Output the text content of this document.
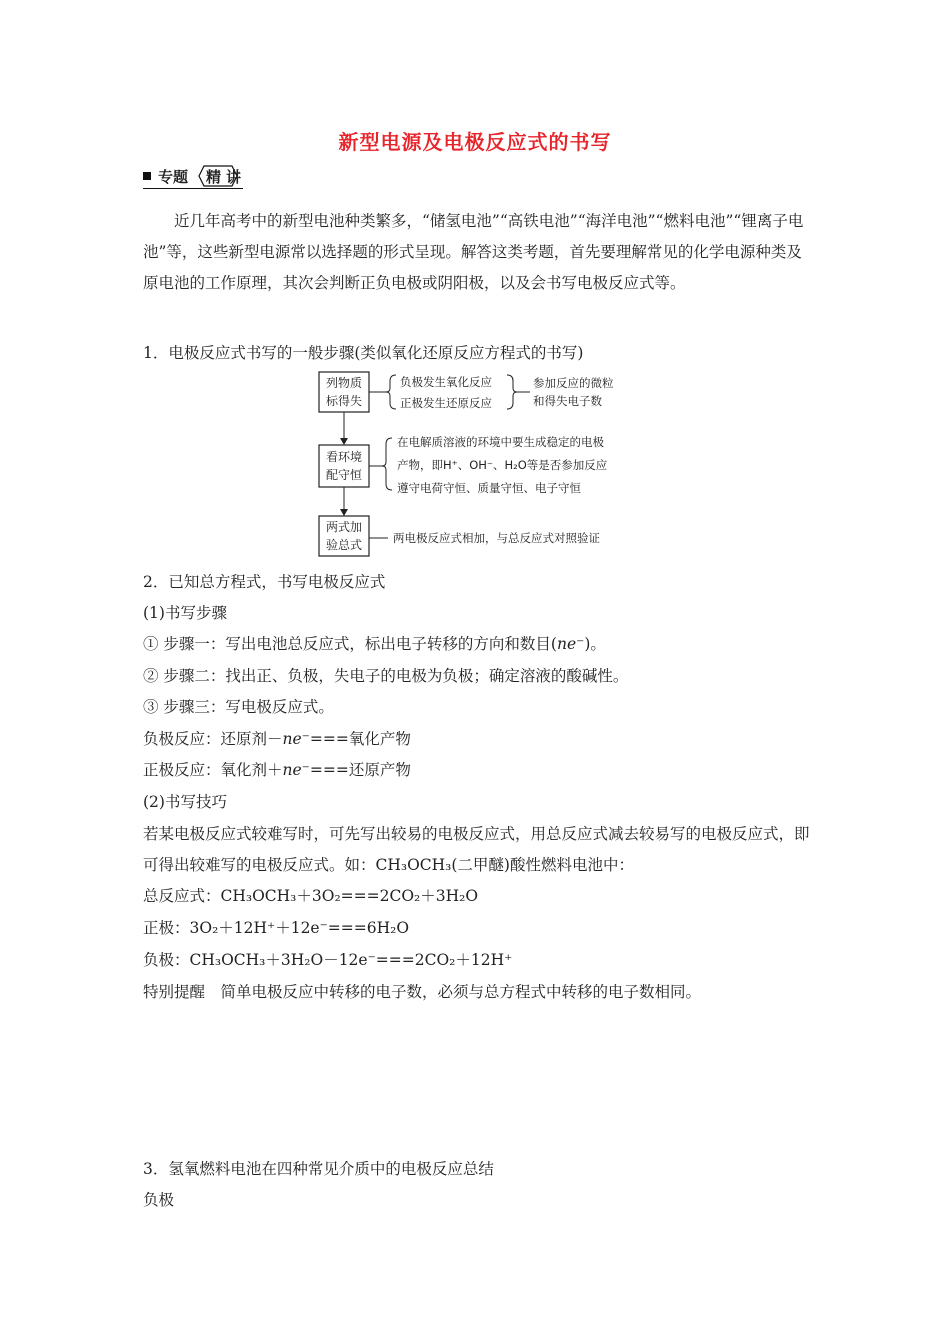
新型电源及电极反应式的书写
专题 精 讲
近几年高考中的新型电池种类繁多，“储氢电池”“高铁电池”“海洋电池”“燃料电池”“锂离子电池”等，这些新型电源常以选择题的形式呈现。解答这类考题，首先要理解常见的化学电源种类及原电池的工作原理，其次会判断正负电极或阴阳极，以及会书写电极反应式等。
1．电极反应式书写的一般步骤(类似氧化还原反应方程式的书写)
列物质
标得失
负极发生氧化反应
正极发生还原反应
参加反应的微粒
和得失电子数
看环境
配守恒
在电解质溶液的环境中要生成稳定的电极
产物，即H⁺、OH⁻、H₂O等是否参加反应
遵守电荷守恒、质量守恒、电子守恒
两式加
验总式	两电极反应式相加，与总反应式对照验证
2．已知总方程式，书写电极反应式
(1)书写步骤
① 步骤一：写出电池总反应式，标出电子转移的方向和数目(ne⁻)。
② 步骤二：找出正、负极，失电子的电极为负极；确定溶液的酸碱性。
③ 步骤三：写电极反应式。
负极反应：还原剂－ne⁻===氧化产物
正极反应：氧化剂＋ne⁻===还原产物
(2)书写技巧
若某电极反应式较难写时，可先写出较易的电极反应式，用总反应式减去较易写的电极反应式，即可得出较难写的电极反应式。如：CH₃OCH₃(二甲醚)酸性燃料电池中：
总反应式：CH₃OCH₃＋3O₂===2CO₂＋3H₂O
正极：3O₂＋12H⁺＋12e⁻===6H₂O
负极：CH₃OCH₃＋3H₂O－12e⁻===2CO₂＋12H⁺
特别提醒　简单电极反应中转移的电子数，必须与总方程式中转移的电子数相同。
3．氢氧燃料电池在四种常见介质中的电极反应总结
负极
